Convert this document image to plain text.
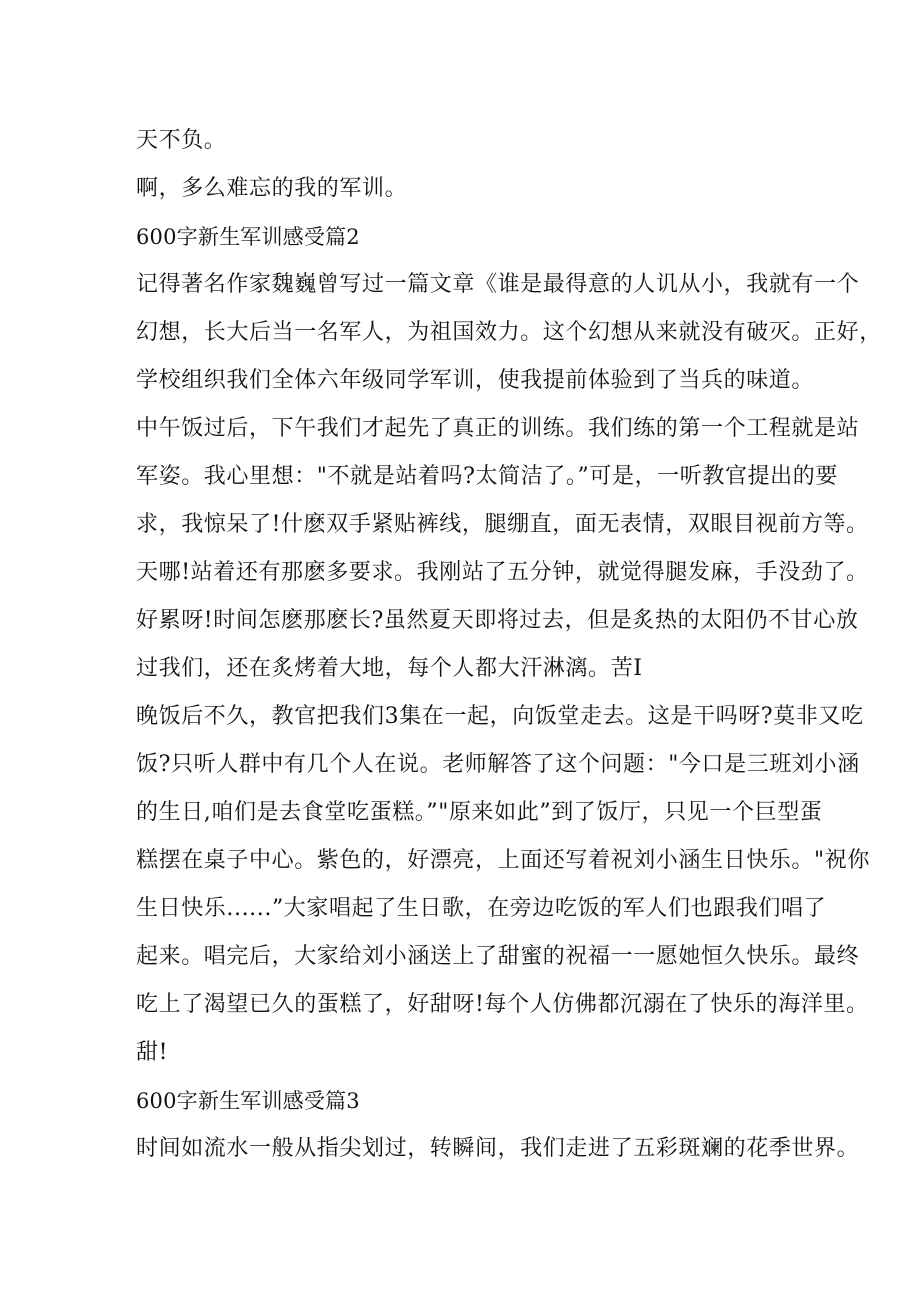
天不负。
啊，多么难忘的我的军训。
600字新生军训感受篇2
记得著名作家魏巍曾写过一篇文章《谁是最得意的人讥从小，我就有一个
幻想，长大后当一名军人，为祖国效力。这个幻想从来就没有破灭。正好，
学校组织我们全体六年级同学军训，使我提前体验到了当兵的味道。
中午饭过后，下午我们才起先了真正的训练。我们练的第一个工程就是站
军姿。我心里想："不就是站着吗?太简洁了。”可是，一听教官提出的要
求，我惊呆了!什麽双手紧贴裤线，腿绷直，面无表情，双眼目视前方等。
天哪!站着还有那麽多要求。我刚站了五分钟，就觉得腿发麻，手没劲了。
好累呀!时间怎麽那麽长?虽然夏天即将过去，但是炙热的太阳仍不甘心放
过我们，还在炙烤着大地，每个人都大汗淋漓。苦I
晚饭后不久，教官把我们3集在一起，向饭堂走去。这是干吗呀?莫非又吃
饭?只听人群中有几个人在说。老师解答了这个问题："今口是三班刘小涵
的生日,咱们是去食堂吃蛋糕。”"原来如此”到了饭厅，只见一个巨型蛋
糕摆在桌子中心。紫色的，好漂亮，上面还写着祝刘小涵生日快乐。"祝你
生日快乐......”大家唱起了生日歌，在旁边吃饭的军人们也跟我们唱了
起来。唱完后，大家给刘小涵送上了甜蜜的祝福一一愿她恒久快乐。最终
吃上了渴望已久的蛋糕了，好甜呀!每个人仿佛都沉溺在了快乐的海洋里。
甜!
600字新生军训感受篇3
时间如流水一般从指尖划过，转瞬间，我们走进了五彩斑斓的花季世界。
